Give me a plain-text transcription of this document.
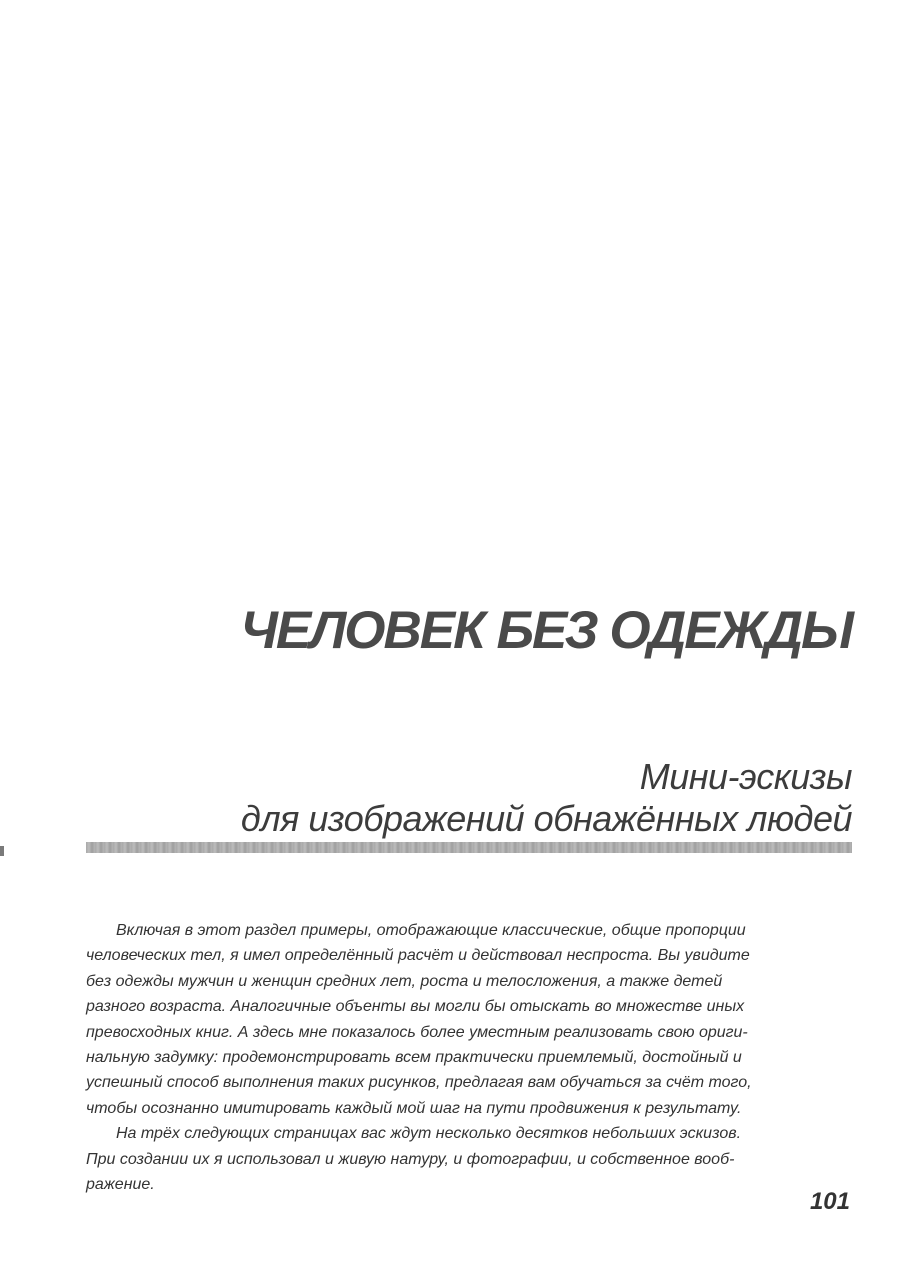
ЧЕЛОВЕК БЕЗ ОДЕЖДЫ
Мини-эскизы
для изображений обнажённых людей
Включая в этот раздел примеры, отображающие классические, общие пропорции
человеческих тел, я имел определённый расчёт и действовал неспроста. Вы увидите
без одежды мужчин и женщин средних лет, роста и телосложения, а также детей
разного возраста. Аналогичные объенты вы могли бы отыскать во множестве иных
превосходных книг. А здесь мне показалось более уместным реализовать свою ориги-
нальную задумку: продемонстрировать всем практически приемлемый, достойный и
успешный способ выполнения таких рисунков, предлагая вам обучаться за счёт того,
чтобы осознанно имитировать каждый мой шаг на пути продвижения к результату.
На трёх следующих страницах вас ждут несколько десятков небольших эскизов.
При создании их я использовал и живую натуру, и фотографии, и собственное вооб-
ражение.

101
